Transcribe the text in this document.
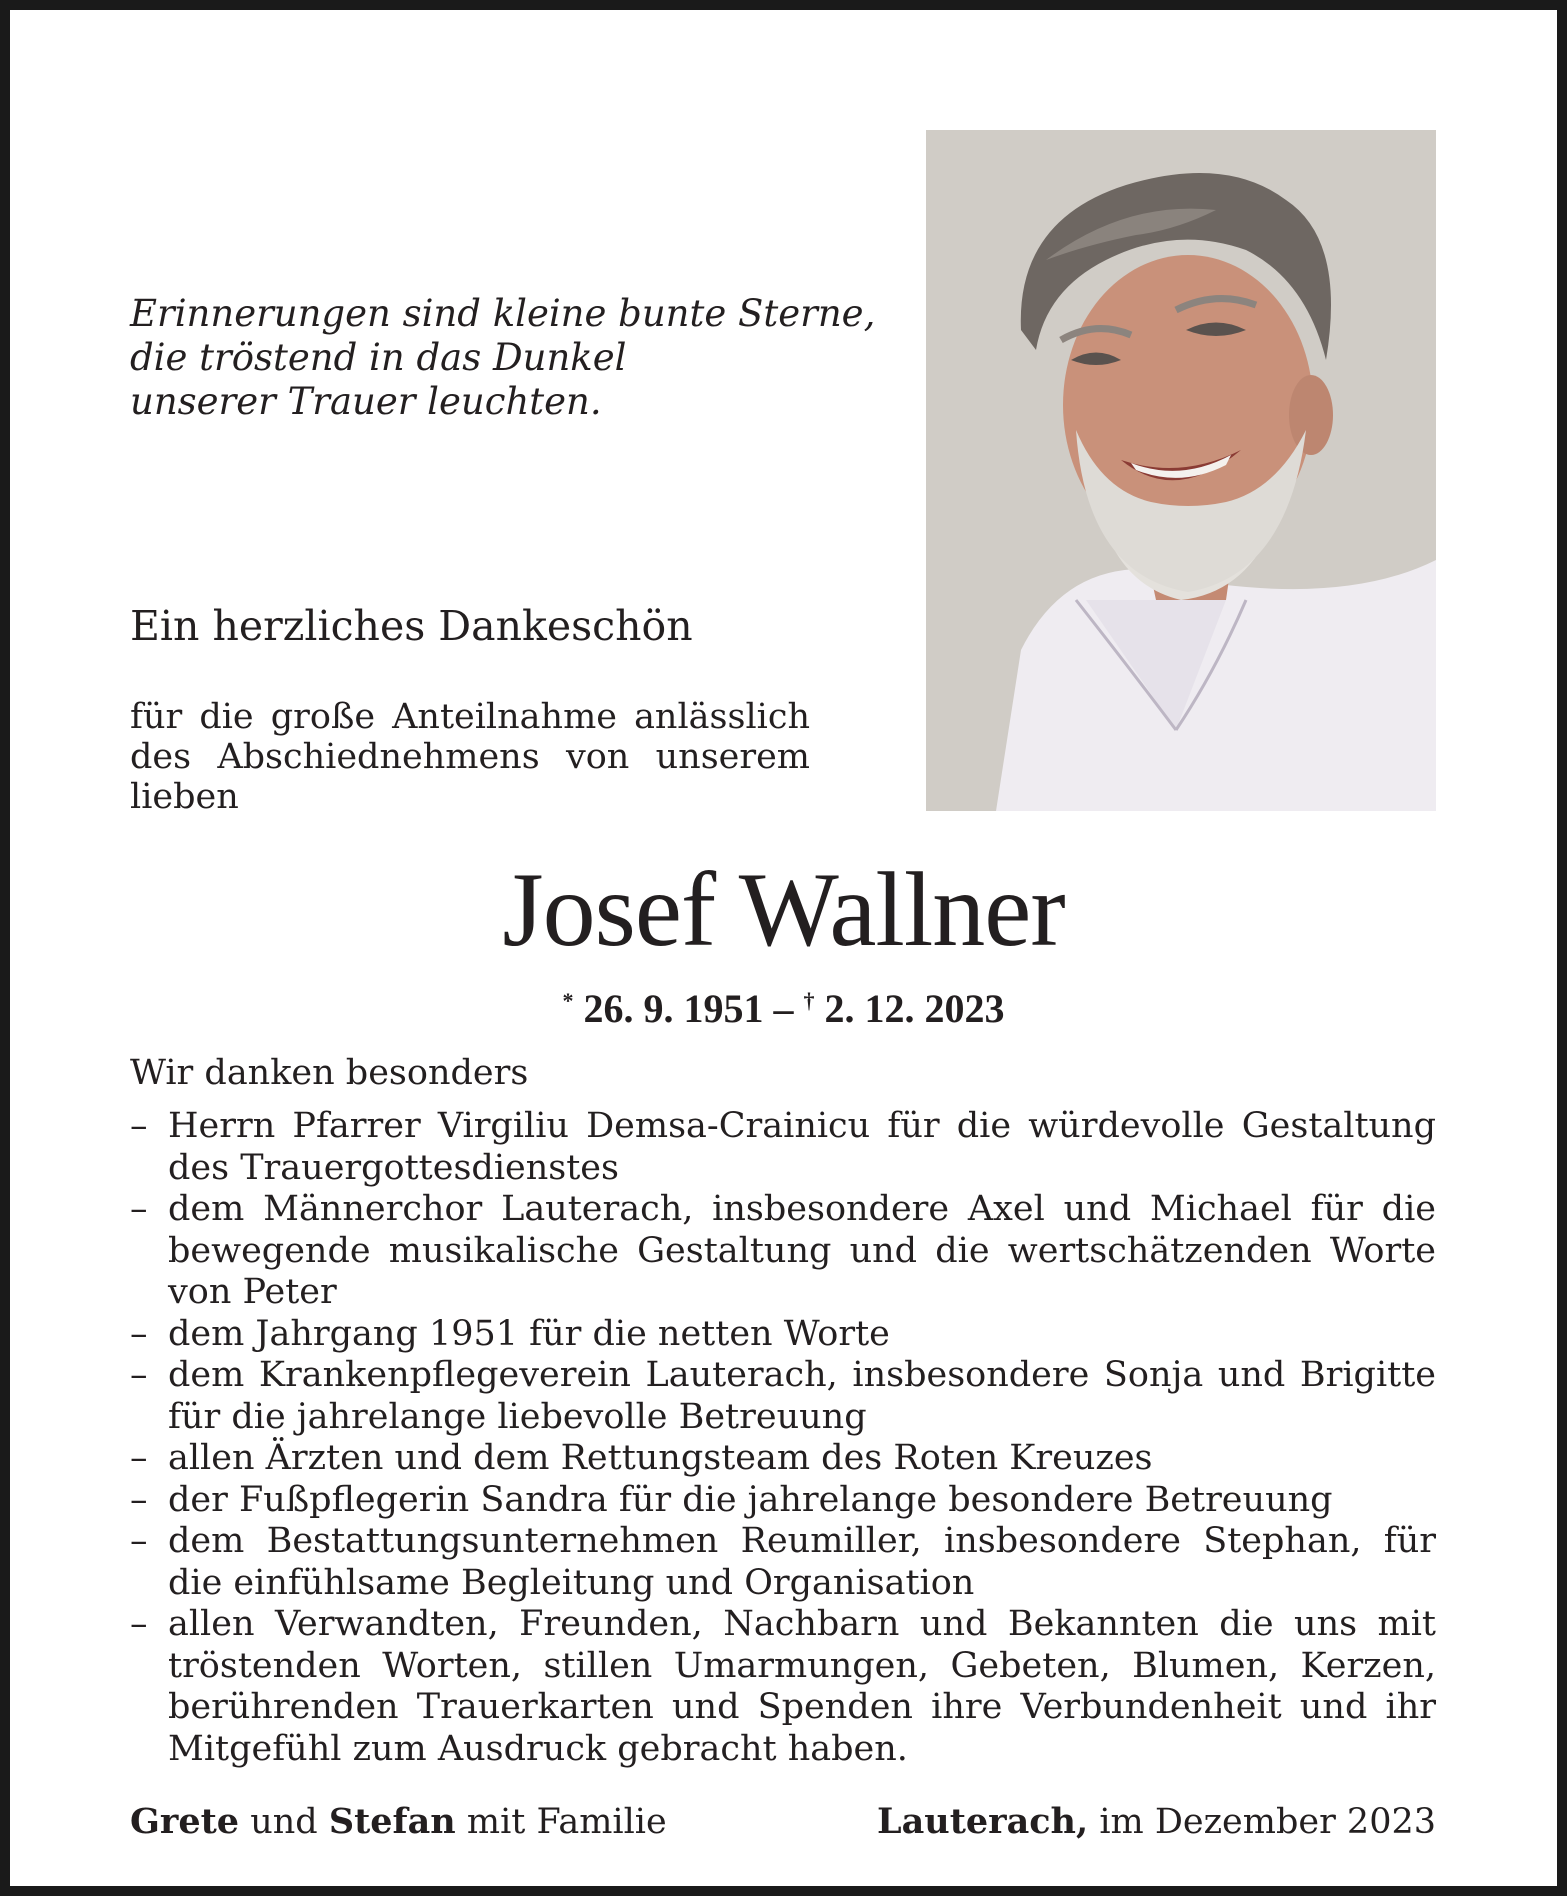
Erinnerungen sind kleine bunte Sterne,
die tröstend in das Dunkel
unserer Trauer leuchten.
Ein herzliches Dankeschön
für die große Anteilnahme anlässlich des Abschiednehmens von unserem lieben
Josef Wallner
* 26. 9. 1951 – † 2. 12. 2023
Wir danken besonders
– Herrn Pfarrer Virgiliu Demsa-Crainicu für die würdevolle Gestaltung des Trauergottesdienstes
– dem Männerchor Lauterach, insbesondere Axel und Michael für die bewegende musikalische Gestaltung und die wertschätzenden Worte von Peter
– dem Jahrgang 1951 für die netten Worte
– dem Krankenpflegeverein Lauterach, insbesondere Sonja und Brigitte für die jahrelange liebevolle Betreuung
– allen Ärzten und dem Rettungsteam des Roten Kreuzes
– der Fußpflegerin Sandra für die jahrelange besondere Betreuung
– dem Bestattungsunternehmen Reumiller, insbesondere Stephan, für die einfühlsame Begleitung und Organisation
– allen Verwandten, Freunden, Nachbarn und Bekannten die uns mit tröstenden Worten, stillen Umarmungen, Gebeten, Blumen, Kerzen, berührenden Trauerkarten und Spenden ihre Verbundenheit und ihr Mitgefühl zum Ausdruck gebracht haben.
Grete und Stefan mit Familie	Lauterach, im Dezember 2023
